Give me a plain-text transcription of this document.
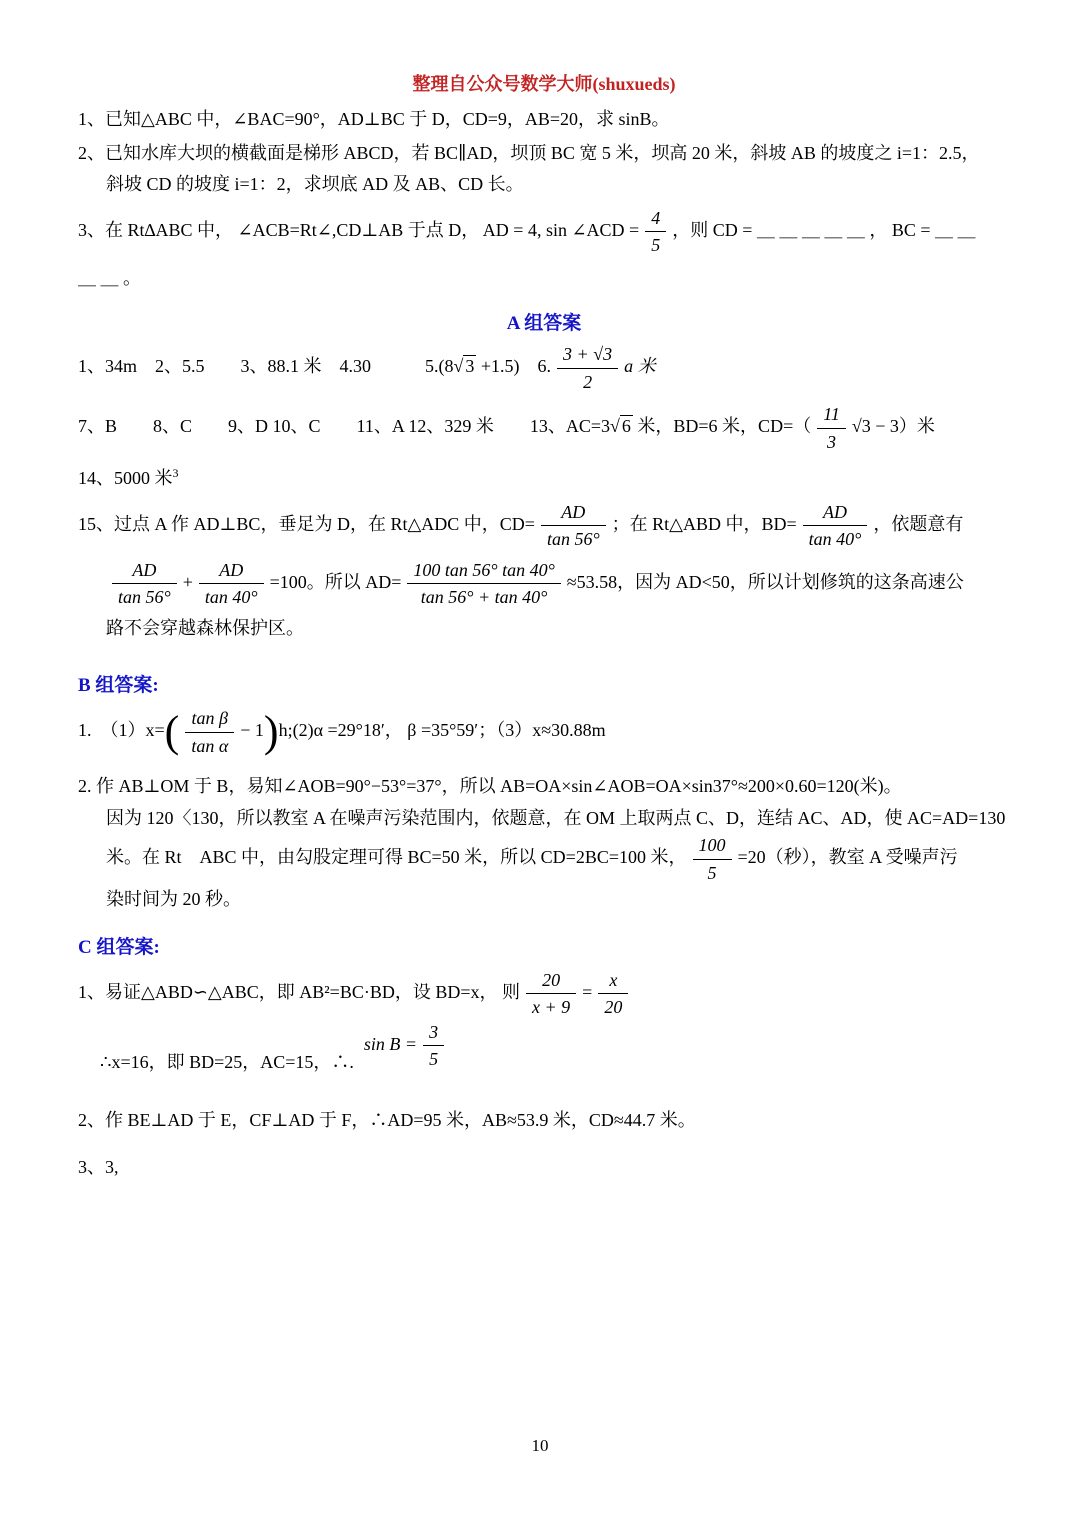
整理自公众号数学大师(shuxueds)

1、已知△ABC 中，∠BAC=90°，AD⊥BC 于 D，CD=9，AB=20，求 sinB。

2、已知水库大坝的横截面是梯形 ABCD，若 BC∥AD，坝顶 BC 宽 5 米，坝高 20 米，斜坡 AB 的坡度之 i=1：2.5，

斜坡 CD 的坡度 i=1：2，求坝底 AD 及 AB、CD 长。

3、在 Rt∆ABC 中， ∠ACB=Rt∠,CD⊥AB 于点 D， AD = 4, sin ∠ACD = $\frac{4}{5}$ ，则 CD = ＿ ＿ ＿ ＿ ＿ ， BC = ＿ ＿

＿ ＿ 。

A 组答案

1、34m　2、5.5　　3、88.1 米　4.30　　　5.(8√ 3 +1.5)　6. $\frac{3 + √3}{2}$ a 米

7、B　　8、C　　9、D 10、C　　11、A 12、329 米　　13、AC=3√ 6 米，BD=6 米，$CD=( \frac{11}{3} √3 - 3)$米

14、5000 米$^3$

15、过点 A 作 AD⊥BC，垂足为 D，在 Rt△ADC 中，$CD= \frac{AD}{\tan 56^\circ}$ ；在 Rt△ABD 中，$BD= \frac{AD}{\tan 40^\circ}$ ，依题意有

$\frac{AD}{\tan 56^\circ} + \frac{AD}{\tan 40^\circ} =100$。所以 $AD= \frac{100 \tan 56^\circ \tan 40^\circ}{\tan 56^\circ + \tan 40^\circ} \approx 53.58$，因为 AD<50，所以计划修筑的这条高速公

路不会穿越森林保护区。

B 组答案:

1.　$(1)x=( \frac{\text{tan β}}{\text{tan α}}$ − 1)h;(2)α =29°18′， β =35°59′；（3）x≈30.88m

2. 作 AB⊥OM 于 B，易知∠AOB=90°−53°=37°，所以 AB=OA×sin∠AOB=OA×sin37°≈200×0.60=120(米)。

因为 120〈130，所以教室 A 在噪声污染范围内，依题意，在 OM 上取两点 C、D，连结 AC、AD，使 AC=AD=130

米。在 Rt　ABC 中，由勾股定理可得 BC=50 米，所以 CD=2BC=100 米， $\frac{100}{5} =20$（秒），教室 A 受噪声污

染时间为 20 秒。

C 组答案:

1、易证△ABD∽△ABC，即 AB²=BC·BD，设 BD=x， 则 $\frac{20}{x + 9} = \frac{x}{20}$

∴x=16，即 BD=25，AC=15，∴.sin $B = \frac{3}{5}$

2、作 BE⊥AD 于 E，CF⊥AD 于 F，∴AD=95 米，AB≈53.9 米，CD≈44.7 米。

3、3,

10
